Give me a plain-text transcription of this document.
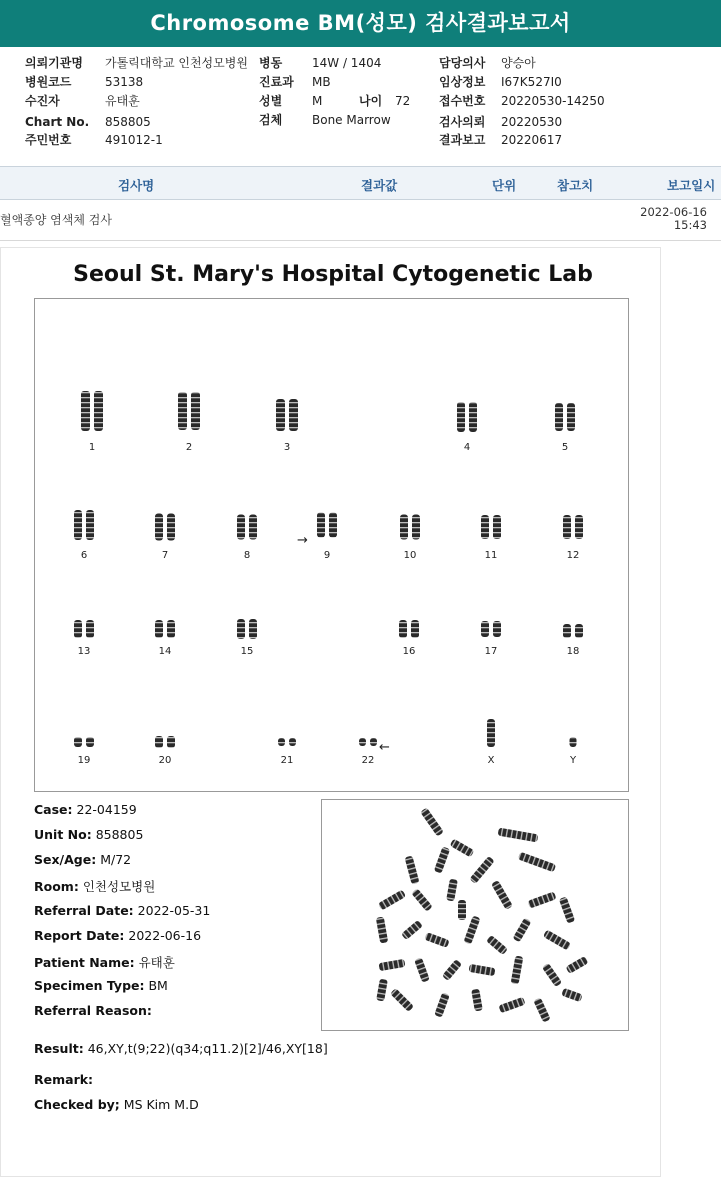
Chromosome BM(성모) 검사결과보고서
의뢰기관명 가톨릭대학교 인천성모병원
병원코드	53138
수진자	유태훈
Chart No. 858805
주민번호	491012-1
병동 14W / 1404
진료과 MB
성별 M	나이 72
검체 Bone Marrow
담당의사 양승아
임상정보 I67K527I0
접수번호 20220530-14250
검사의뢰 20220530
결과보고 20220617
검사명	결과값	단위	참고치	보고일시
혈액종양 염색체 검사
2022-06-16
15:43
Seoul St. Mary's Hospital Cytogenetic Lab
→
←
1	2	3	4	5
6	7	8	9	10	11	12
13	14	15	16	17	18
19	20	21	22	X	Y
Case: 22-04159
Unit No: 858805
Sex/Age: M/72
Room: 인천성모병원
Referral Date: 2022-05-31
Report Date: 2022-06-16
Patient Name: 유태훈
Specimen Type: BM
Referral Reason:
Result: 46,XY,t(9;22)(q34;q11.2)[2]/46,XY[18]
Remark:
Checked by; MS Kim M.D
